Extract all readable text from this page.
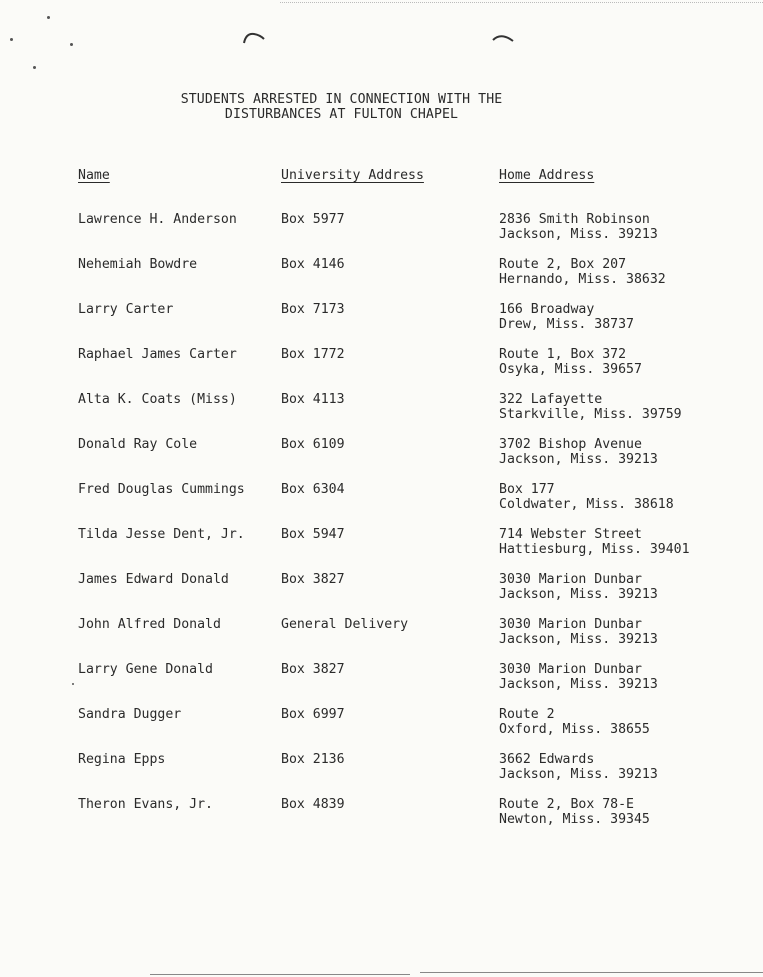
STUDENTS ARRESTED IN CONNECTION WITH THE
DISTURBANCES AT FULTON CHAPEL
Name	University Address	Home Address
Lawrence H. Anderson	Box 5977	2836 Smith Robinson
Jackson, Miss. 39213
Nehemiah Bowdre	Box 4146	Route 2, Box 207
Hernando, Miss. 38632
Larry Carter	Box 7173	166 Broadway
Drew, Miss. 38737
Raphael James Carter	Box 1772	Route 1, Box 372
Osyka, Miss. 39657
Alta K. Coats (Miss)	Box 4113	322 Lafayette
Starkville, Miss. 39759
Donald Ray Cole	Box 6109	3702 Bishop Avenue
Jackson, Miss. 39213
Fred Douglas Cummings	Box 6304	Box 177
Coldwater, Miss. 38618
Tilda Jesse Dent, Jr.	Box 5947	714 Webster Street
Hattiesburg, Miss. 39401
James Edward Donald	Box 3827	3030 Marion Dunbar
Jackson, Miss. 39213
John Alfred Donald	General Delivery	3030 Marion Dunbar
Jackson, Miss. 39213
Larry Gene Donald	Box 3827	3030 Marion Dunbar
Jackson, Miss. 39213
Sandra Dugger	Box 6997	Route 2
Oxford, Miss. 38655
Regina Epps	Box 2136	3662 Edwards
Jackson, Miss. 39213
Theron Evans, Jr.	Box 4839	Route 2, Box 78-E
Newton, Miss. 39345
